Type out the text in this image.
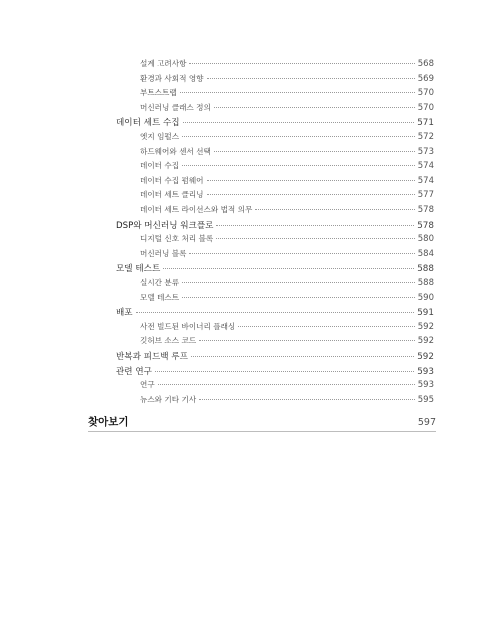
설계 고려사항	568
환경과 사회적 영향	569
부트스트랩	570
머신러닝 클래스 정의	570
데이터 세트 수집	571
엣지 임펄스	572
하드웨어와 센서 선택	573
데이터 수집	574
데이터 수집 펌웨어	574
데이터 세트 클리닝	577
데이터 세트 라이선스와 법적 의무	578
DSP와 머신러닝 워크플로	578
디지털 신호 처리 블록	580
머신러닝 블록	584
모델 테스트	588
실시간 분류	588
모델 테스트	590
배포	591
사전 빌드된 바이너리 플래싱	592
깃허브 소스 코드	592
반복과 피드백 루프	592
관련 연구	593
연구	593
뉴스와 기타 기사	595
찾아보기	597
